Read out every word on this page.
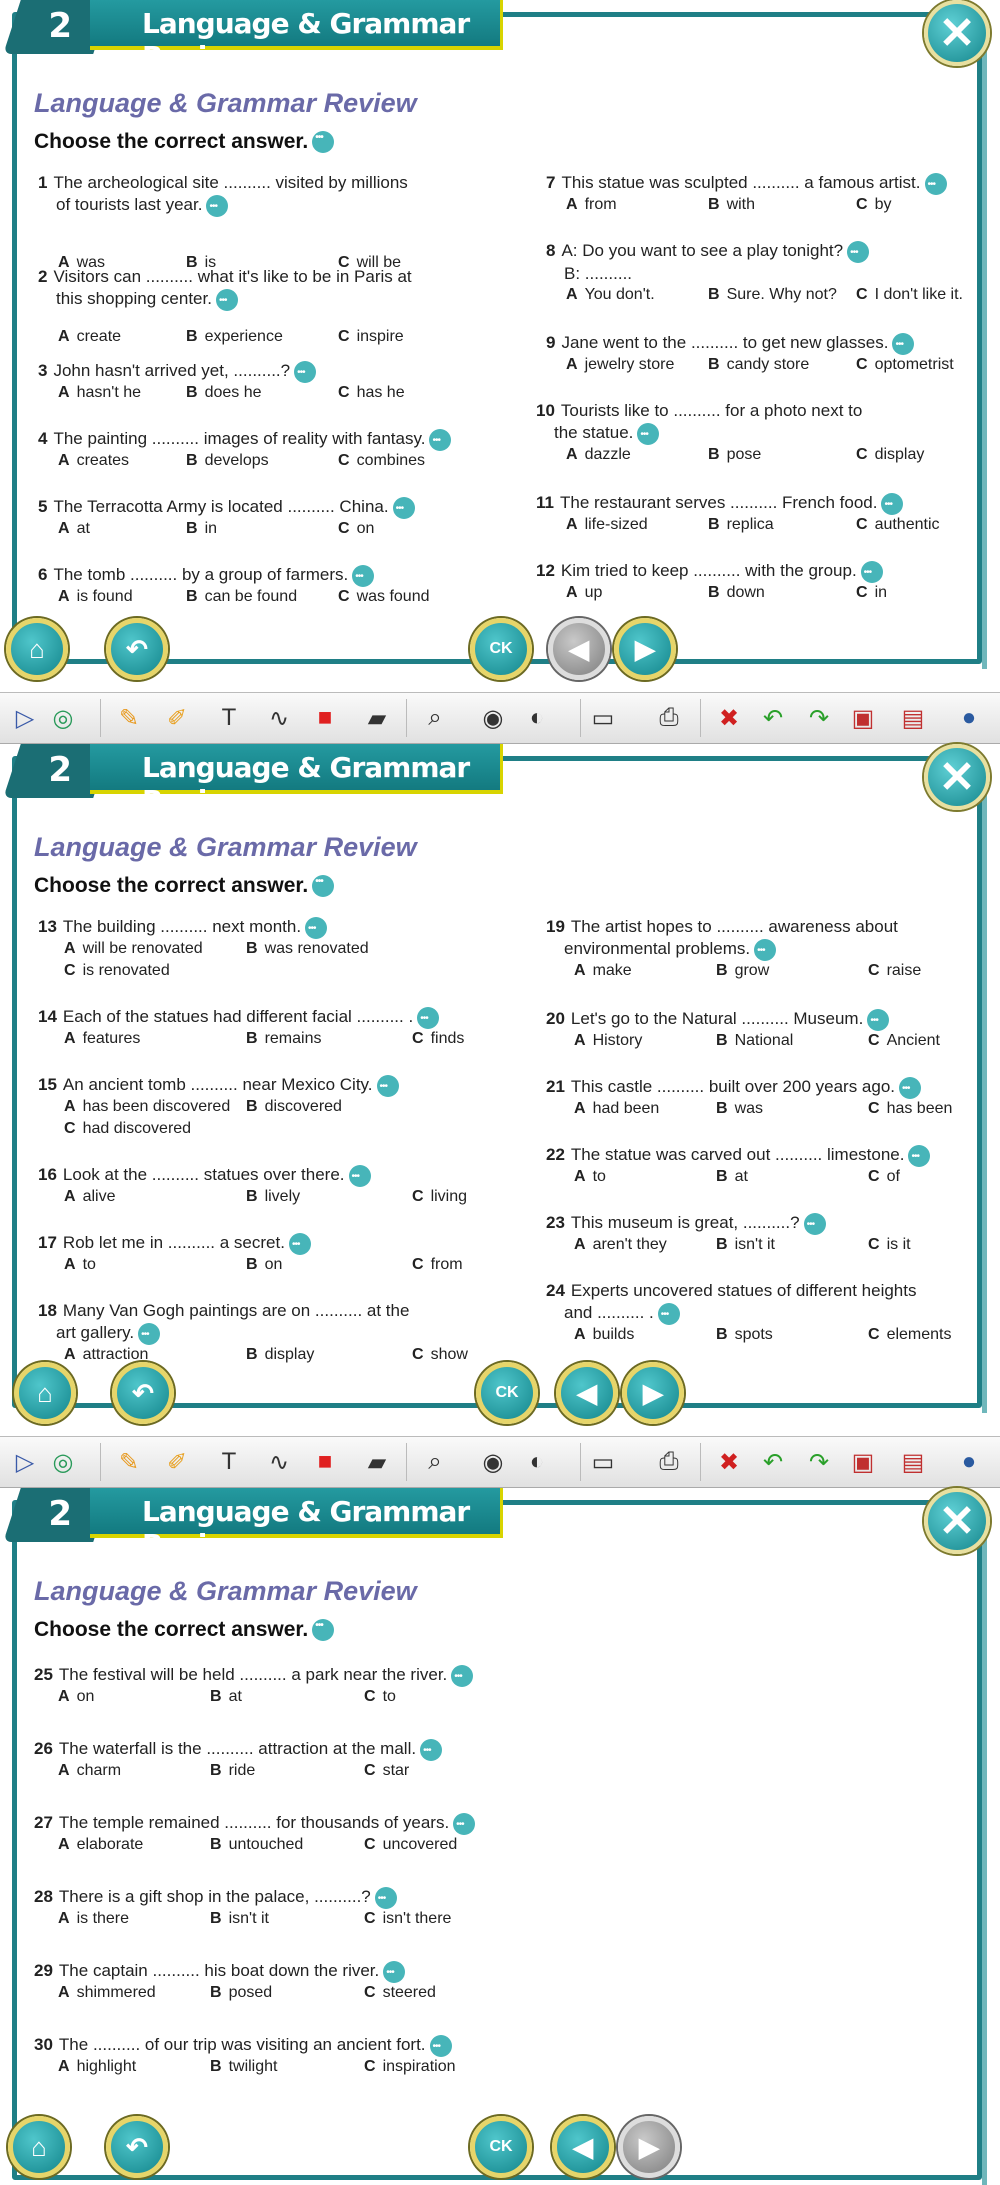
2	Language & Grammar Review	✕
Language & Grammar Review
Choose the correct answer.•••
1 The archeological site .......... visited by millions
of tourists last year.•••
A was	B is	C will be
2 Visitors can .......... what it's like to be in Paris at
this shopping center.•••
A create	B experience	C inspire
3 John hasn't arrived yet, ..........?•••
A hasn't he	B does he	C has he
4 The painting .......... images of reality with fantasy.•••
A creates	B develops	C combines
5 The Terracotta Army is located .......... China.•••
A at	B in	C on
6 The tomb .......... by a group of farmers.•••
A is found	B can be found	C was found
7 This statue was sculpted .......... a famous artist.•••
A from	B with	C by
8 A: Do you want to see a play tonight?•••
B: ..........
A You don't.	B Sure. Why not? C I don't like it.
9 Jane went to the .......... to get new glasses.•••
A jewelry store B candy store	C optometrist
10 Tourists like to .......... for a photo next to
the statue.•••
A dazzle	B pose	C display
11 The restaurant serves .......... French food.•••
A life-sized	B replica	C authentic
12 Kim tried to keep .......... with the group.•••
A up	B down	C in
⌂	↶	CK	◀	▶
▷ ◎ ✎ ✐	T	∿	■	▰	⌕	◉	◐	▭	⎙	✖ ↶ ↷ ▣ ▤	●
2	Language & Grammar Review	✕
Language & Grammar Review
Choose the correct answer.•••
13 The building .......... next month.•••
A will be renovated	B was renovated
C is renovated
14 Each of the statues had different facial .......... .•••
A features	B remains	C finds
15 An ancient tomb .......... near Mexico City.•••
A has been discovered B discovered
C had discovered
16 Look at the .......... statues over there.•••
A alive	B lively	C living
17 Rob let me in .......... a secret.•••
A to	B on	C from
18 Many Van Gogh paintings are on .......... at the
art gallery.•••
A attraction	B display	C show
19 The artist hopes to .......... awareness about
environmental problems.•••
A make	B grow	C raise
20 Let's go to the Natural .......... Museum.•••
A History	B National	C Ancient
21 This castle .......... built over 200 years ago.•••
A had been	B was	C has been
22 The statue was carved out .......... limestone.•••
A to	B at	C of
23 This museum is great, ..........?•••
A aren't they	B isn't it	C is it
24 Experts uncovered statues of different heights
and .......... .•••
A builds	B spots	C elements
⌂	↶	CK	◀	▶
▷ ◎ ✎ ✐	T	∿	■	▰	⌕	◉	◐	▭	⎙	✖ ↶ ↷ ▣ ▤	●
2	Language & Grammar Review	✕
Language & Grammar Review
Choose the correct answer.•••
25 The festival will be held .......... a park near the river.•••
A on	B at	C to
26 The waterfall is the .......... attraction at the mall.•••
A charm	B ride	C star
27 The temple remained .......... for thousands of years.•••
A elaborate	B untouched	C uncovered
28 There is a gift shop in the palace, ..........?•••
A is there	B isn't it	C isn't there
29 The captain .......... his boat down the river.•••
A shimmered	B posed	C steered
30 The .......... of our trip was visiting an ancient fort.•••
A highlight	B twilight	C inspiration
⌂	↶	CK	◀	▶
